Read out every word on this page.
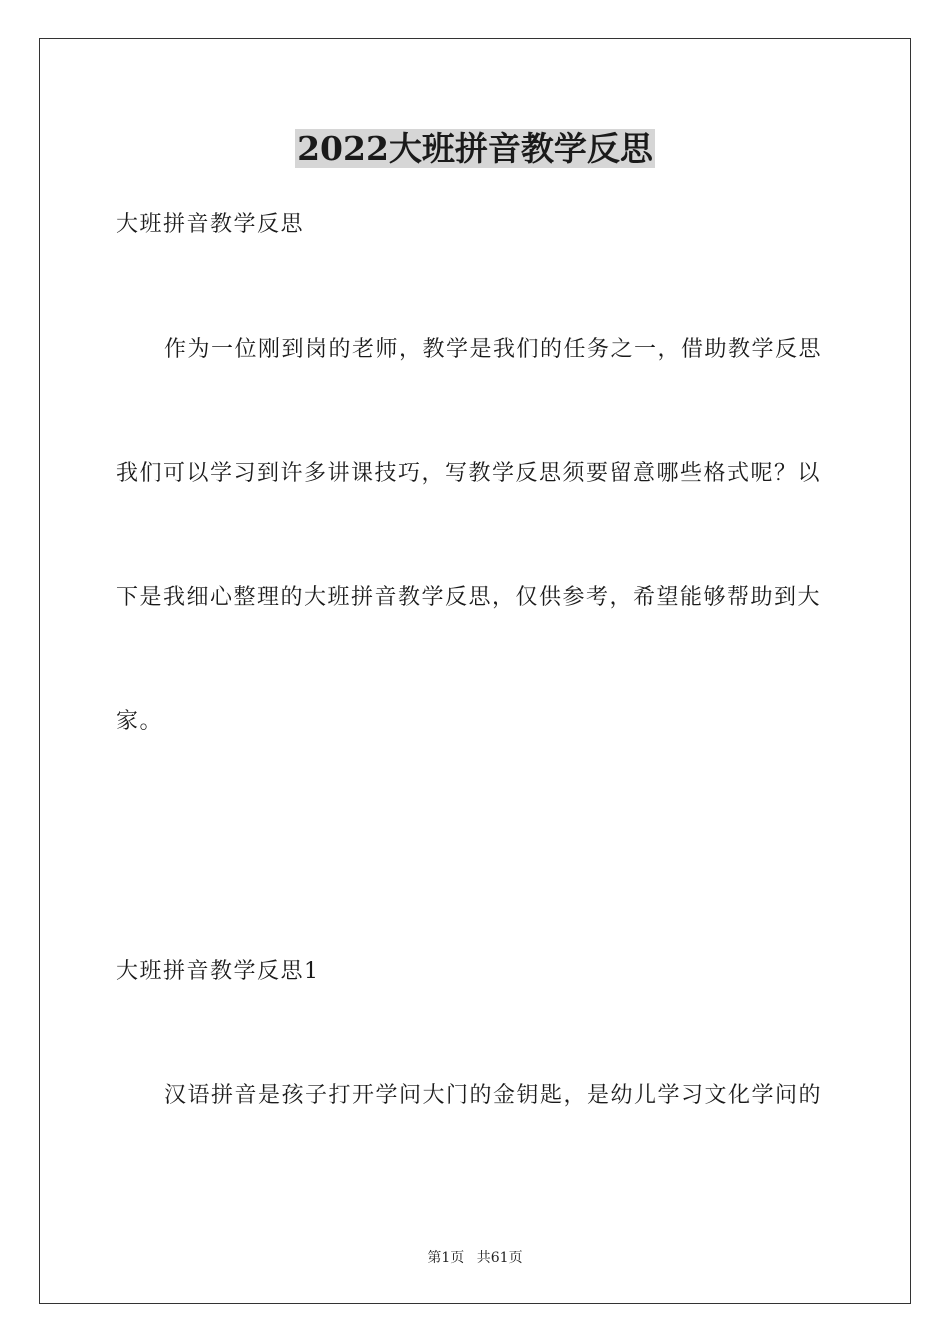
2022大班拼音教学反思
大班拼音教学反思
作为一位刚到岗的老师，教学是我们的任务之一，借助教学反思
我们可以学习到许多讲课技巧，写教学反思须要留意哪些格式呢？以
下是我细心整理的大班拼音教学反思，仅供参考，希望能够帮助到大
家。
大班拼音教学反思1
汉语拼音是孩子打开学问大门的金钥匙，是幼儿学习文化学问的
第1页 共61页
